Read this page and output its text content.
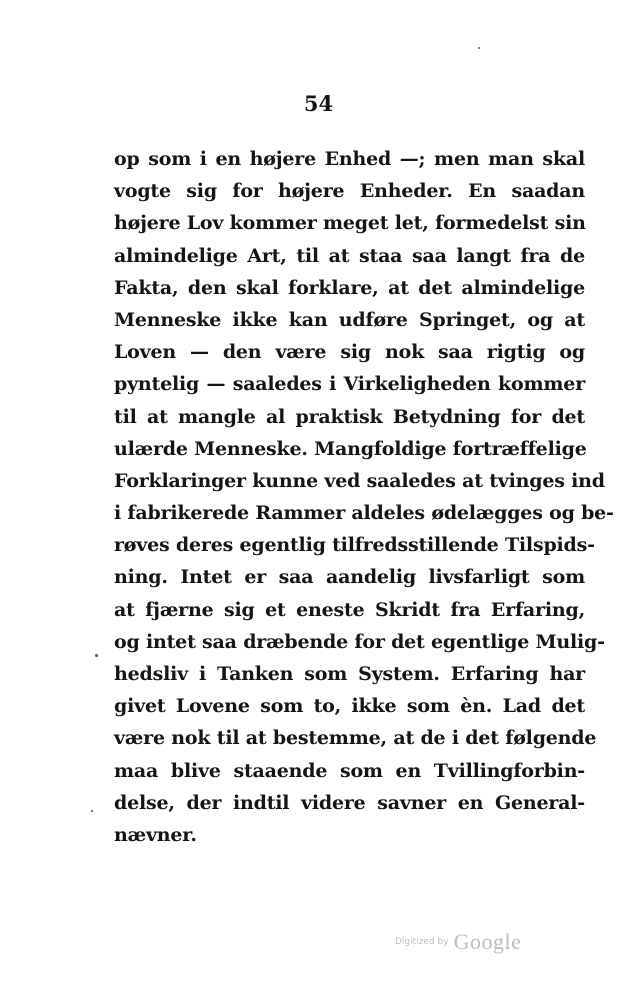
54
op som i en højere Enhed —; men man skal
vogte sig for højere Enheder. En saadan
højere Lov kommer meget let, formedelst sin
almindelige Art, til at staa saa langt fra de
Fakta, den skal forklare, at det almindelige
Menneske ikke kan udføre Springet, og at
Loven — den være sig nok saa rigtig og
pyntelig — saaledes i Virkeligheden kommer
til at mangle al praktisk Betydning for det
ulærde Menneske. Mangfoldige fortræffelige
Forklaringer kunne ved saaledes at tvinges ind
i fabrikerede Rammer aldeles ødelægges og be-
røves deres egentlig tilfredsstillende Tilspids-
ning. Intet er saa aandelig livsfarligt som
at fjærne sig et eneste Skridt fra Erfaring,
og intet saa dræbende for det egentlige Mulig-
hedsliv i Tanken som System. Erfaring har
givet Lovene som to, ikke som èn. Lad det
være nok til at bestemme, at de i det følgende
maa blive staaende som en Tvillingforbin-
delse, der indtil videre savner en General-
nævner.
Digitized by Google
